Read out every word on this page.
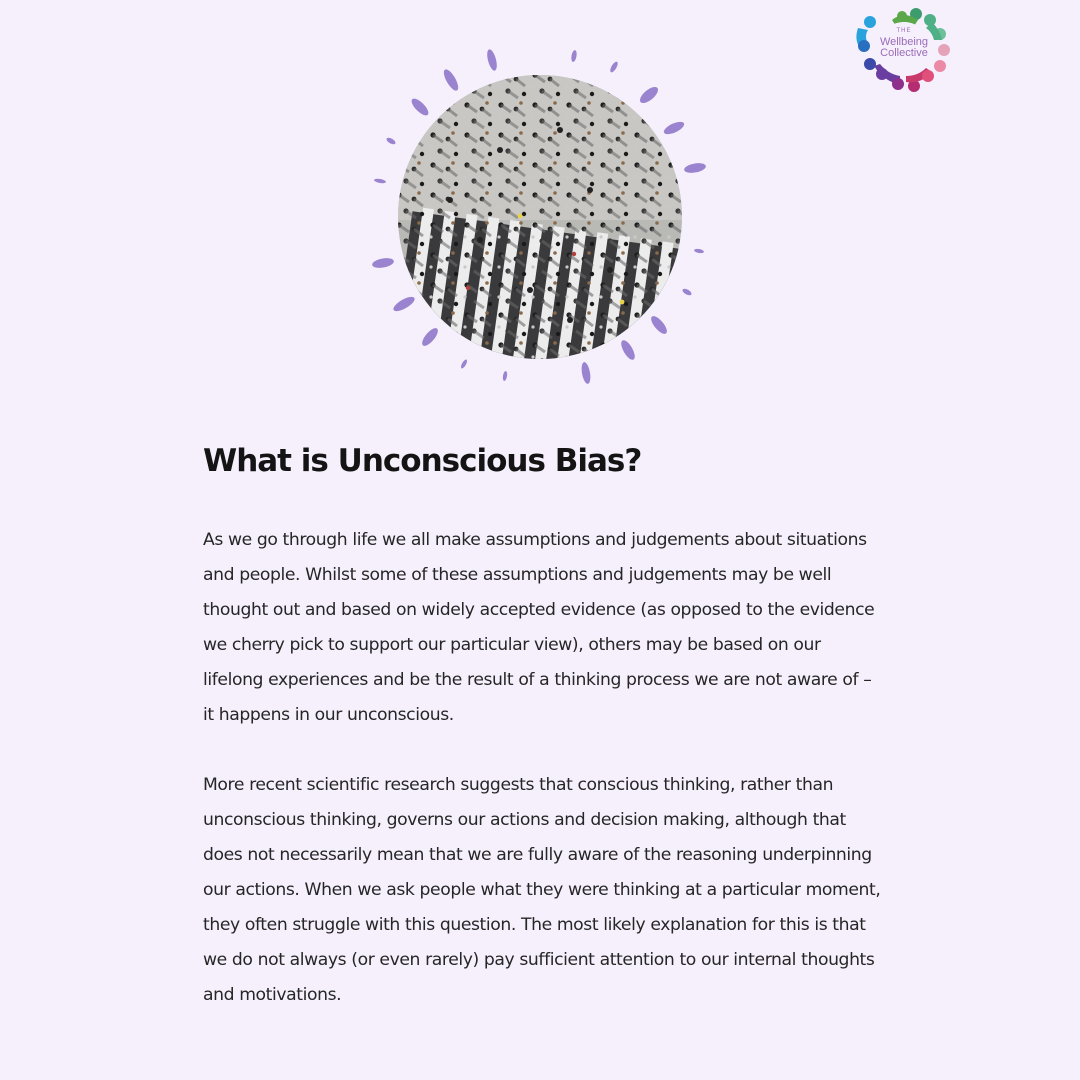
THE
Wellbeing
Collective
What is Unconscious Bias?

As we go through life we all make assumptions and judgements about situations
and people. Whilst some of these assumptions and judgements may be well
thought out and based on widely accepted evidence (as opposed to the evidence
we cherry pick to support our particular view), others may be based on our
lifelong experiences and be the result of a thinking process we are not aware of –
it happens in our unconscious.

More recent scientific research suggests that conscious thinking, rather than
unconscious thinking, governs our actions and decision making, although that
does not necessarily mean that we are fully aware of the reasoning underpinning
our actions. When we ask people what they were thinking at a particular moment,
they often struggle with this question. The most likely explanation for this is that
we do not always (or even rarely) pay sufficient attention to our internal thoughts
and motivations.
